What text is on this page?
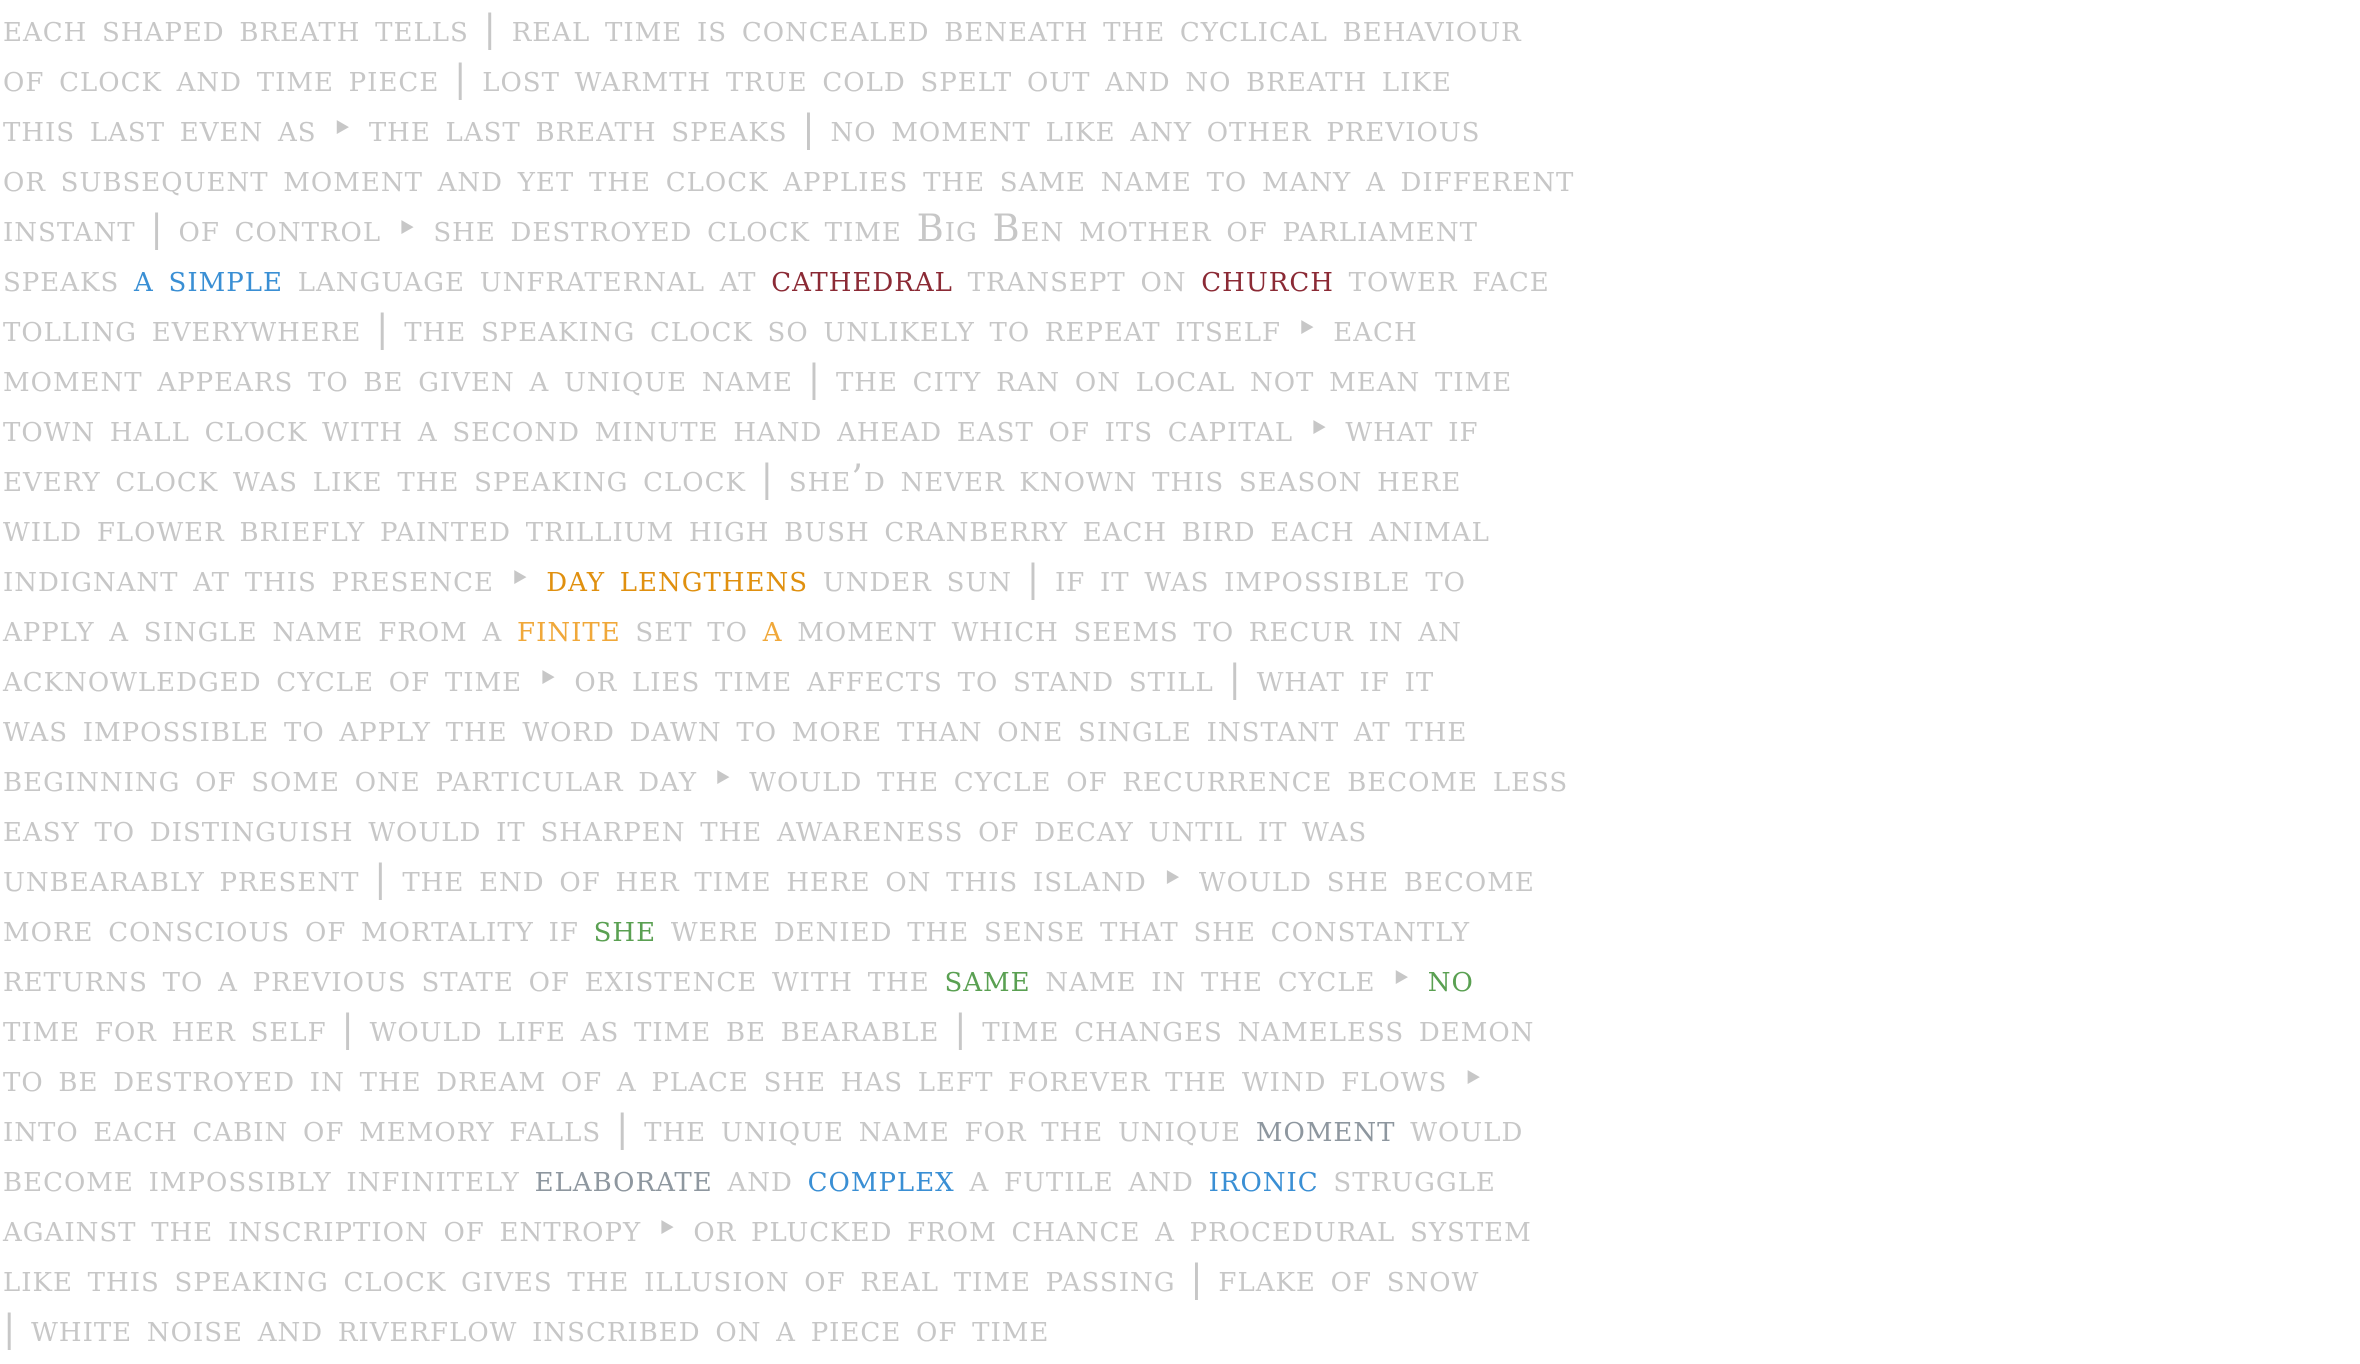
each shaped breath tells | real time is concealed beneath the cyclical behaviour
of clock and time piece | lost warmth true cold spelt out and no breath like
this last even as ‣ the last breath speaks | no moment like any other previous
or subsequent moment and yet the clock applies the same name to many a different
instant | of control ‣ she destroyed clock time Big Ben mother of parliament
speaks a simple language unfraternal at cathedral transept on church tower face
tolling everywhere | the speaking clock so unlikely to repeat itself ‣ each
moment appears to be given a unique name | the city ran on local not mean time
town hall clock with a second minute hand ahead east of its capital ‣ what if
every clock was like the speaking clock | she’d never known this season here
wild flower briefly painted trillium high bush cranberry each bird each animal
indignant at this presence ‣ day lengthens under sun | if it was impossible to
apply a single name from a finite set to a moment which seems to recur in an
acknowledged cycle of time ‣ or lies time affects to stand still | what if it
was impossible to apply the word dawn to more than one single instant at the
beginning of some one particular day ‣ would the cycle of recurrence become less
easy to distinguish would it sharpen the awareness of decay until it was
unbearably present | the end of her time here on this island ‣ would she become
more conscious of mortality if she were denied the sense that she constantly
returns to a previous state of existence with the same name in the cycle ‣ no
time for her self | would life as time be bearable | time changes nameless demon
to be destroyed in the dream of a place she has left forever the wind flows ‣
into each cabin of memory falls | the unique name for the unique moment would
become impossibly infinitely elaborate and complex a futile and ironic struggle
against the inscription of entropy ‣ or plucked from chance a procedural system
like this speaking clock gives the illusion of real time passing | flake of snow
| white noise and riverflow inscribed on a piece of time
